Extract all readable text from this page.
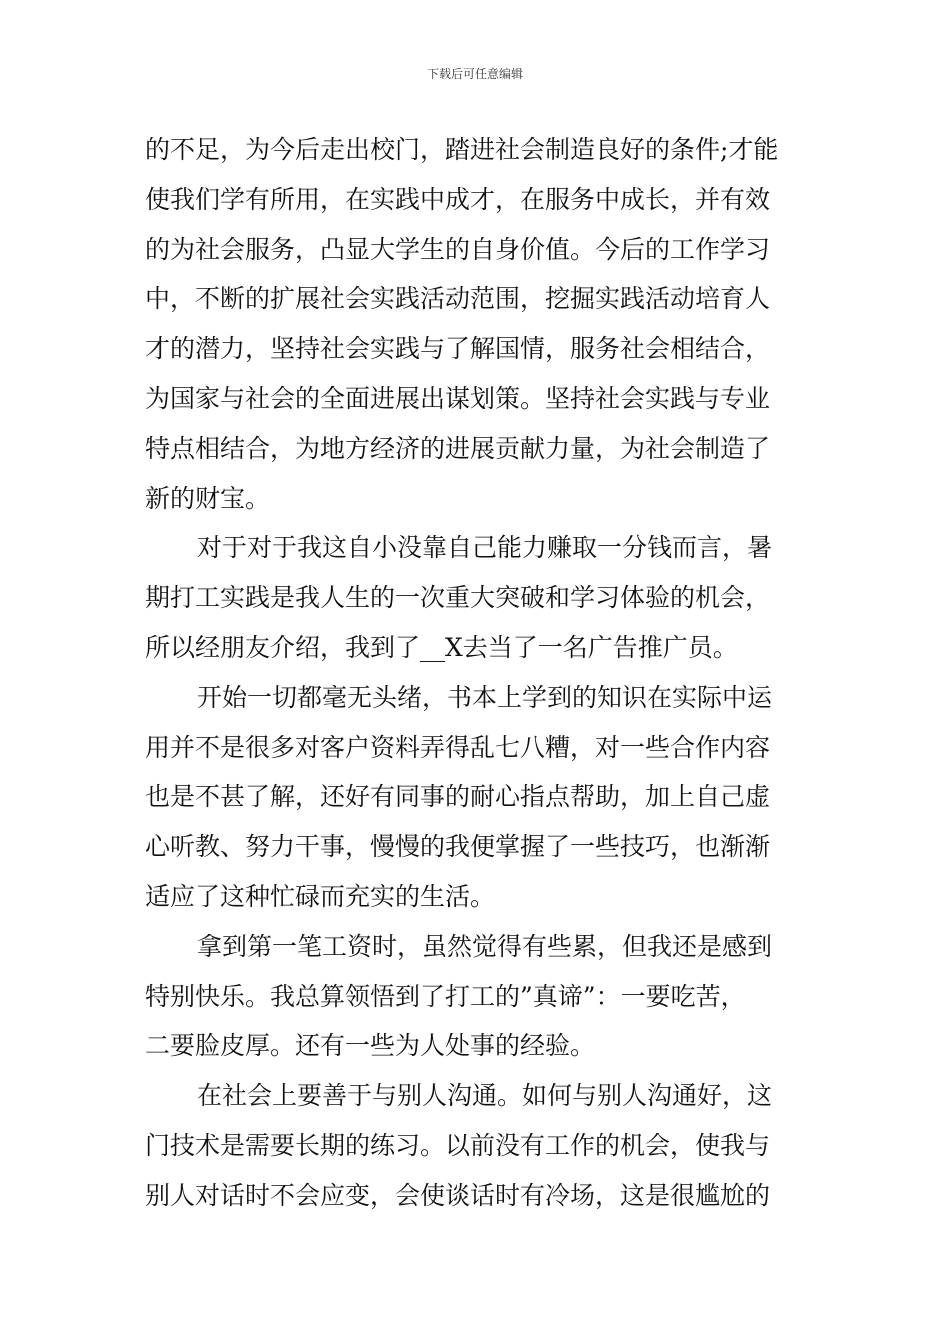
下载后可任意编辑
的不足，为今后走出校门，踏进社会制造良好的条件;才能
使我们学有所用，在实践中成才，在服务中成长，并有效
的为社会服务，凸显大学生的自身价值。今后的工作学习
中，不断的扩展社会实践活动范围，挖掘实践活动培育人
才的潜力，坚持社会实践与了解国情，服务社会相结合，
为国家与社会的全面进展出谋划策。坚持社会实践与专业
特点相结合，为地方经济的进展贡献力量，为社会制造了
新的财宝。
对于对于我这自小没靠自己能力赚取一分钱而言，暑
期打工实践是我人生的一次重大突破和学习体验的机会，
所以经朋友介绍，我到了__X去当了一名广告推广员。
开始一切都毫无头绪，书本上学到的知识在实际中运
用并不是很多对客户资料弄得乱七八糟，对一些合作内容
也是不甚了解，还好有同事的耐心指点帮助，加上自己虚
心听教、努力干事，慢慢的我便掌握了一些技巧，也渐渐
适应了这种忙碌而充实的生活。
拿到第一笔工资时，虽然觉得有些累，但我还是感到
特别快乐。我总算领悟到了打工的”真谛”：一要吃苦，
二要脸皮厚。还有一些为人处事的经验。
在社会上要善于与别人沟通。如何与别人沟通好，这
门技术是需要长期的练习。以前没有工作的机会，使我与
别人对话时不会应变，会使谈话时有冷场，这是很尴尬的
